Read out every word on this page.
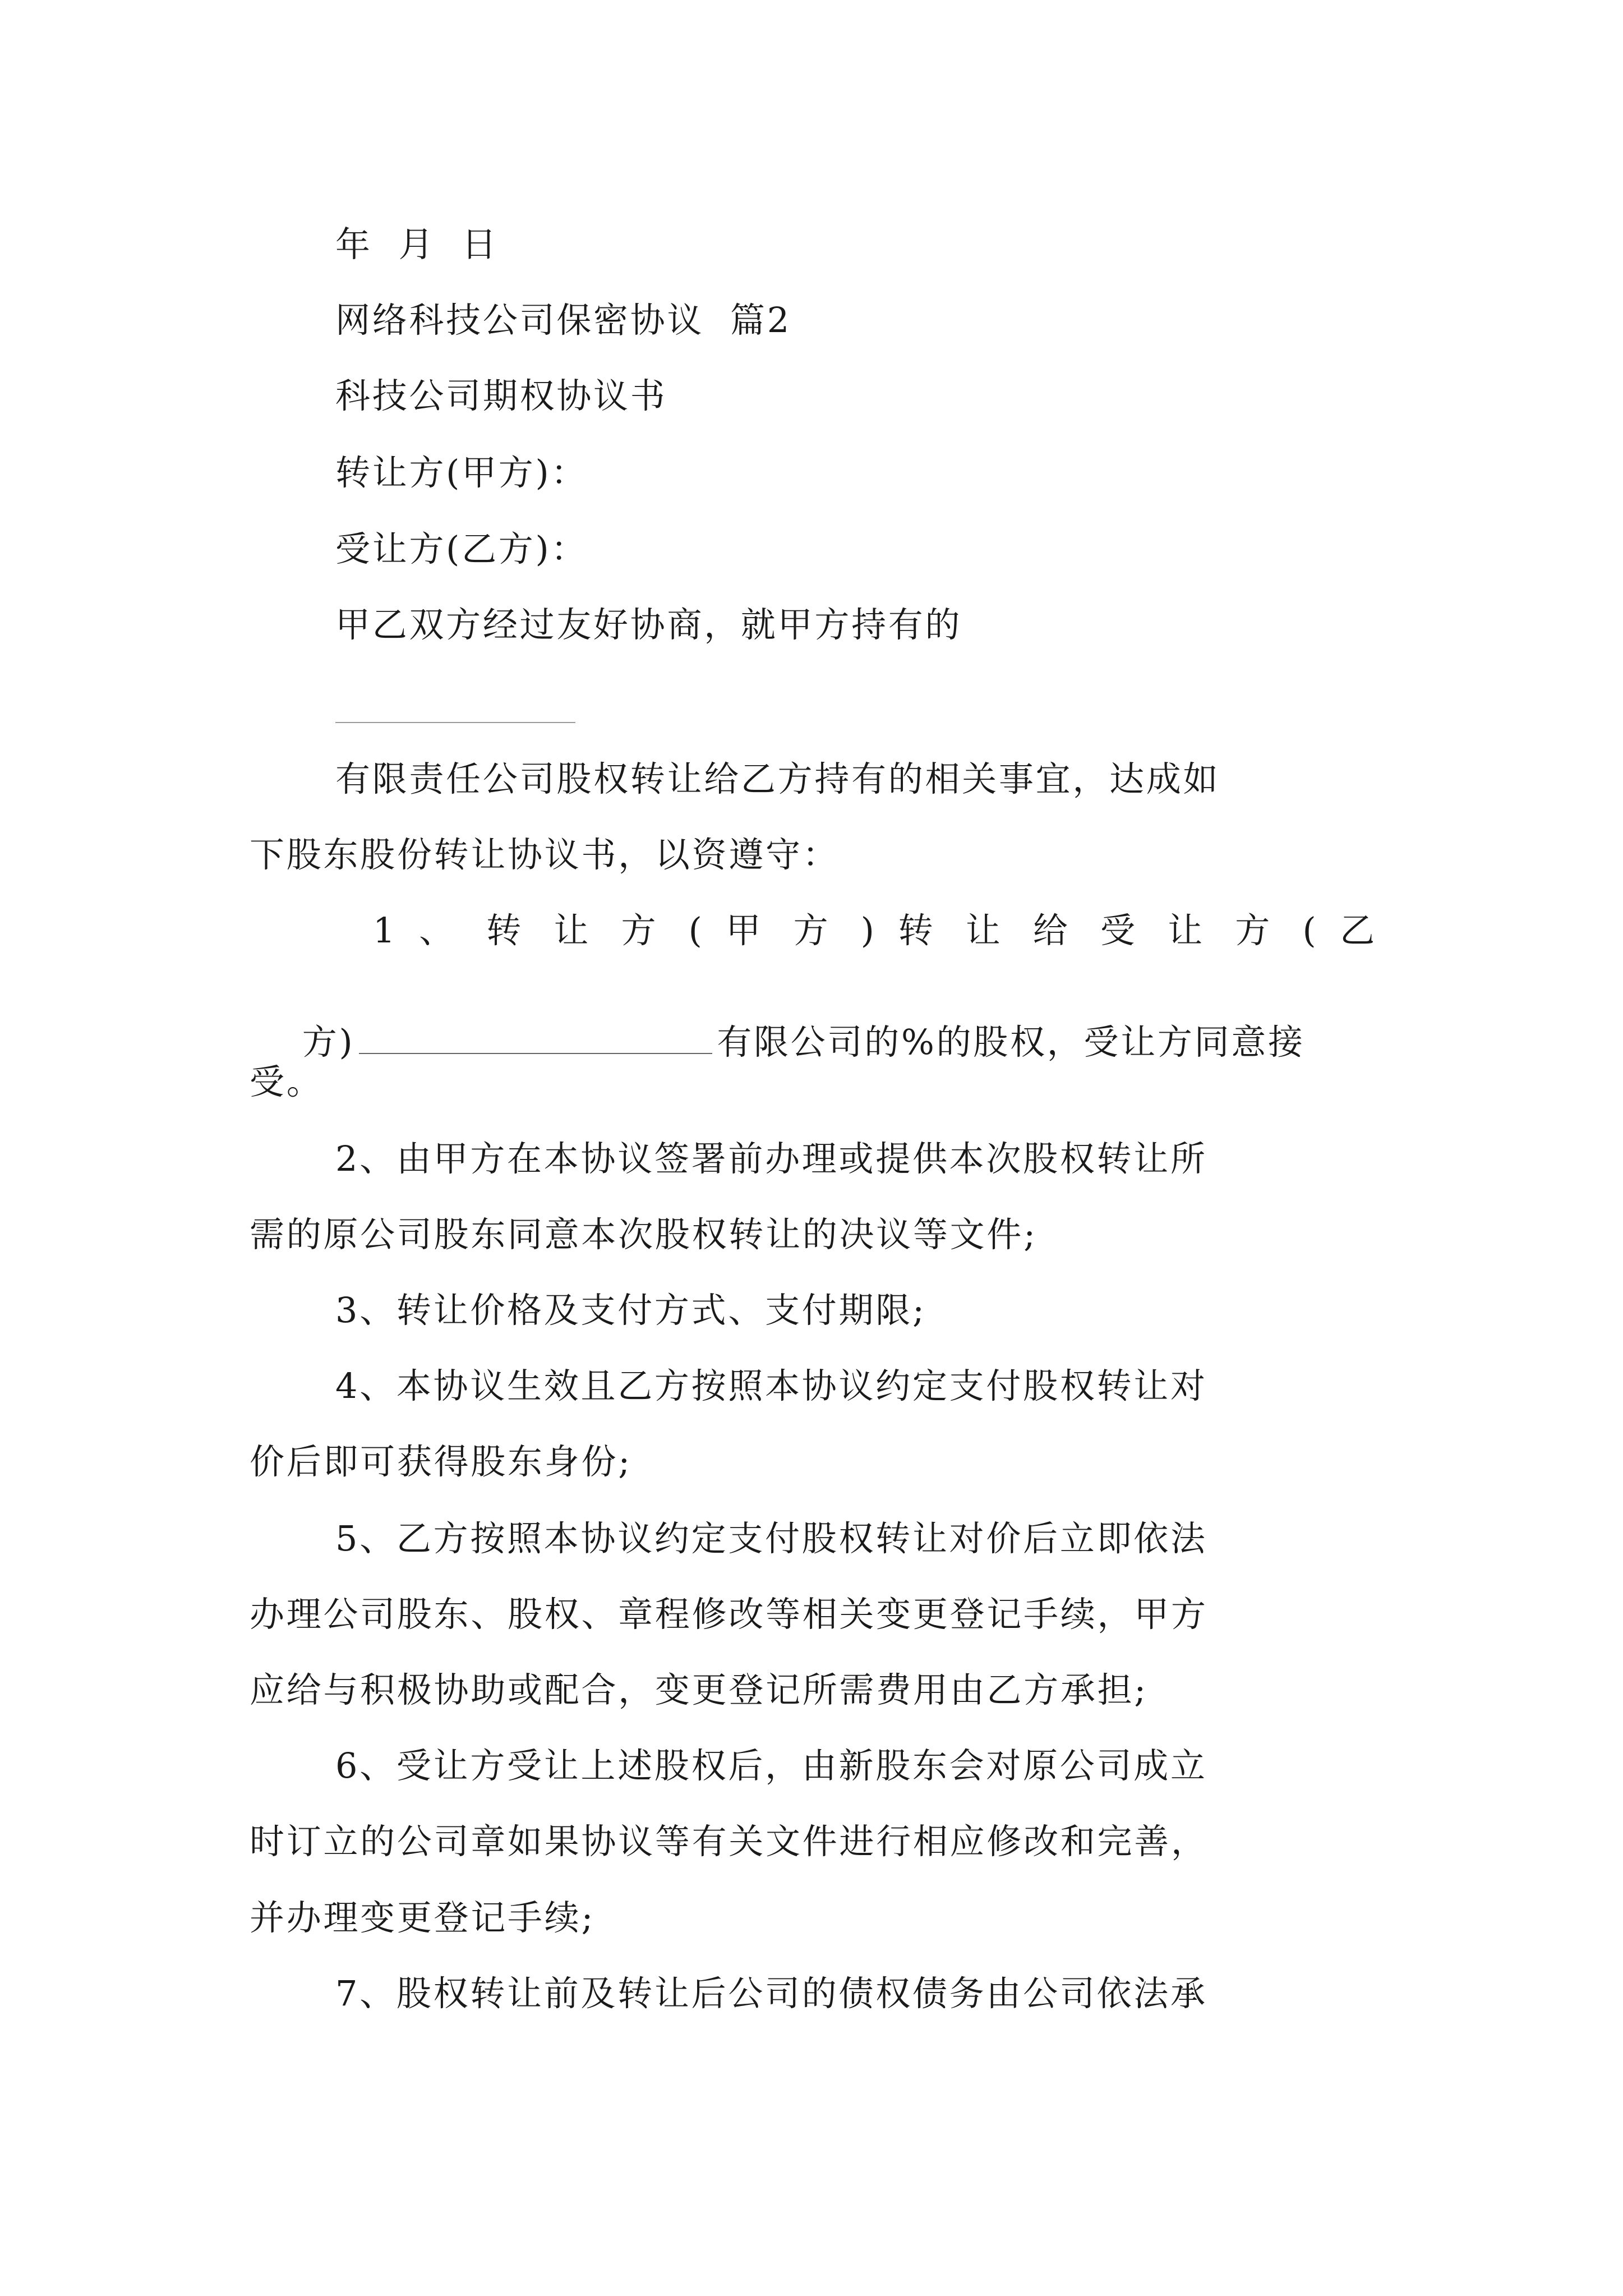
年  月  日
网络科技公司保密协议  篇2
科技公司期权协议书
转让方(甲方)：
受让方(乙方)：
甲乙双方经过友好协商，就甲方持有的
有限责任公司股权转让给乙方持有的相关事宜，达成如
下股东股份转让协议书，以资遵守：
1 、 转 让 方 ( 甲 方 ) 转 让 给 受 让 方 ( 乙

方)	有限公司的%的股权，受让方同意接

受。
2、由甲方在本协议签署前办理或提供本次股权转让所
需的原公司股东同意本次股权转让的决议等文件;
3、转让价格及支付方式、支付期限;
4、本协议生效且乙方按照本协议约定支付股权转让对
价后即可获得股东身份;
5、乙方按照本协议约定支付股权转让对价后立即依法
办理公司股东、股权、章程修改等相关变更登记手续，甲方
应给与积极协助或配合，变更登记所需费用由乙方承担;
6、受让方受让上述股权后，由新股东会对原公司成立
时订立的公司章如果协议等有关文件进行相应修改和完善，
并办理变更登记手续;
7、股权转让前及转让后公司的债权债务由公司依法承
